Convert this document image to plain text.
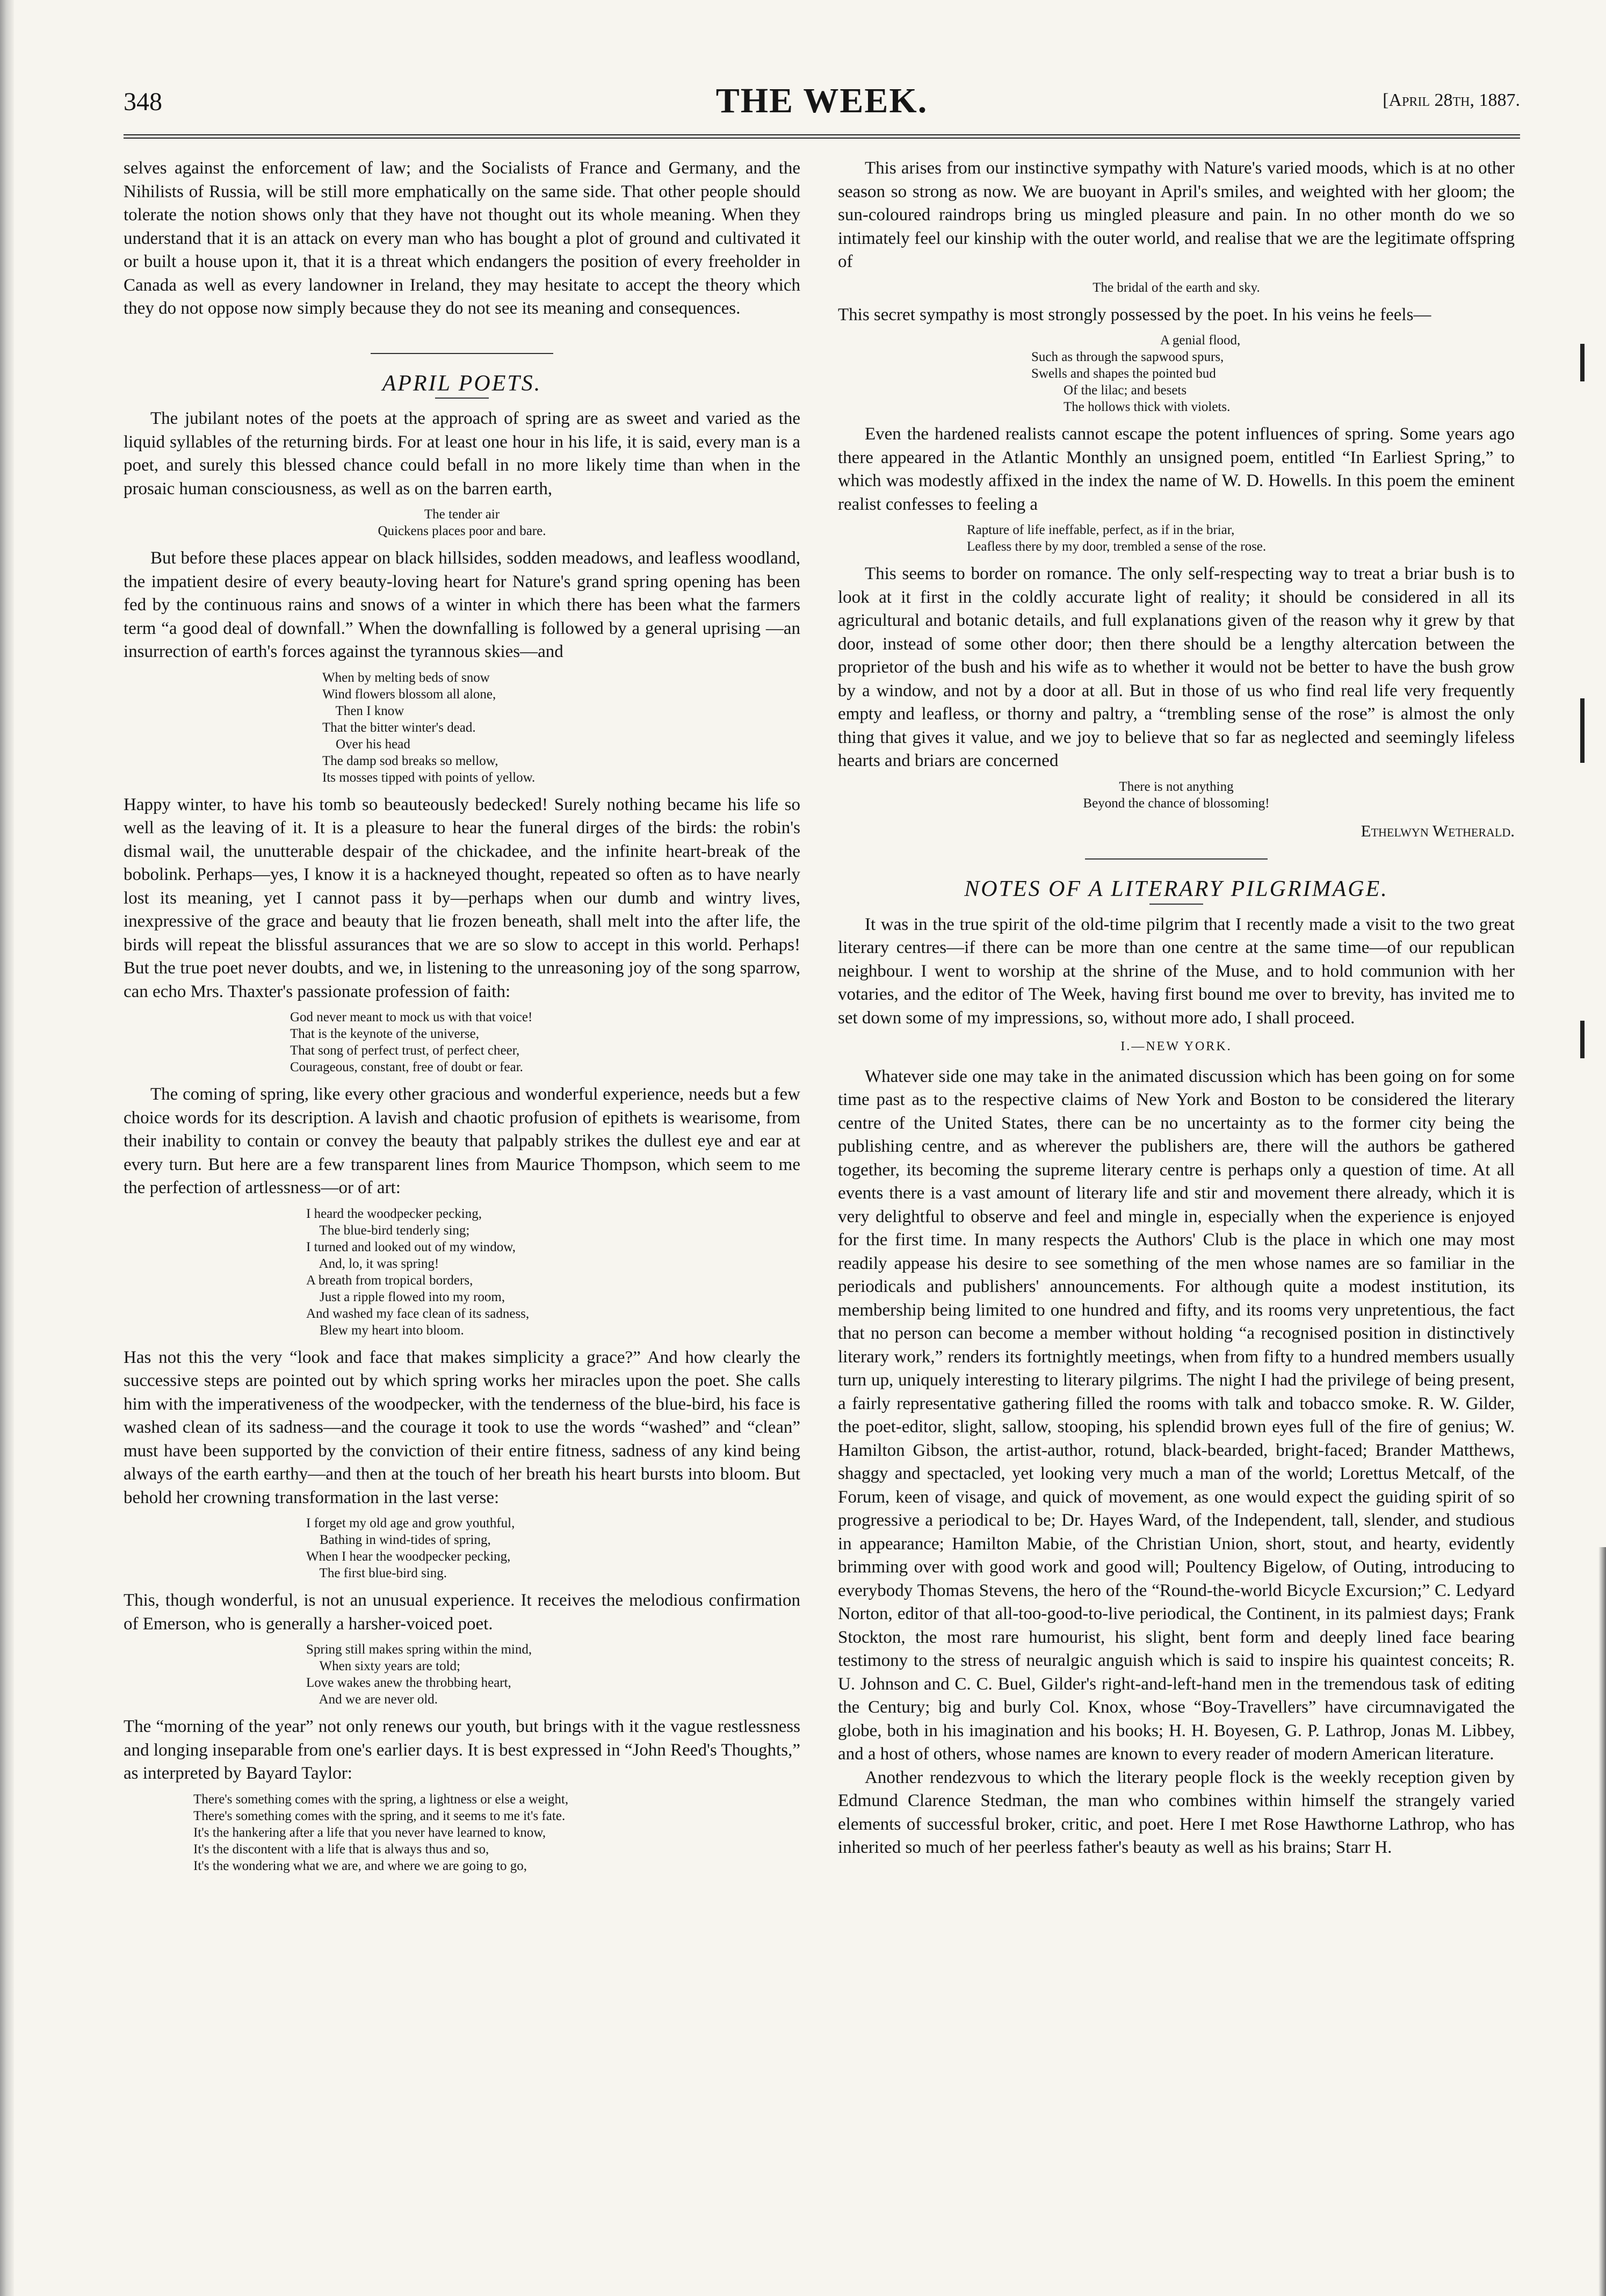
348	THE WEEK.	[April 28th, 1887.

selves against the enforcement of law; and the Socialists of France and Germany, and the Nihilists of Russia, will be still more emphatically on the same side. That other people should tolerate the notion shows only that they have not thought out its whole meaning. When they understand that it is an attack on every man who has bought a plot of ground and cultivated it or built a house upon it, that it is a threat which endangers the position of every freeholder in Canada as well as every landowner in Ireland, they may hesitate to accept the theory which they do not oppose now simply because they do not see its meaning and consequences.

APRIL POETS.

The jubilant notes of the poets at the approach of spring are as sweet and varied as the liquid syllables of the returning birds. For at least one hour in his life, it is said, every man is a poet, and surely this blessed chance could befall in no more likely time than when in the prosaic human consciousness, as well as on the barren earth,

The tender air
Quickens places poor and bare.

But before these places appear on black hillsides, sodden meadows, and leafless woodland, the impatient desire of every beauty-loving heart for Nature's grand spring opening has been fed by the continuous rains and snows of a winter in which there has been what the farmers term “a good deal of downfall.” When the downfalling is followed by a general uprising —an insurrection of earth's forces against the tyrannous skies—and

When by melting beds of snow
Wind flowers blossom all alone,
Then I know
That the bitter winter's dead.
Over his head
The damp sod breaks so mellow,
Its mosses tipped with points of yellow.

Happy winter, to have his tomb so beauteously bedecked! Surely nothing became his life so well as the leaving of it. It is a pleasure to hear the funeral dirges of the birds: the robin's dismal wail, the unutterable despair of the chickadee, and the infinite heart-break of the bobolink. Perhaps—yes, I know it is a hackneyed thought, repeated so often as to have nearly lost its meaning, yet I cannot pass it by—perhaps when our dumb and wintry lives, inexpressive of the grace and beauty that lie frozen beneath, shall melt into the after life, the birds will repeat the blissful assurances that we are so slow to accept in this world. Perhaps! But the true poet never doubts, and we, in listening to the unreasoning joy of the song sparrow, can echo Mrs. Thaxter's passionate profession of faith:

God never meant to mock us with that voice!
That is the keynote of the universe,
That song of perfect trust, of perfect cheer,
Courageous, constant, free of doubt or fear.

The coming of spring, like every other gracious and wonderful experience, needs but a few choice words for its description. A lavish and chaotic profusion of epithets is wearisome, from their inability to contain or convey the beauty that palpably strikes the dullest eye and ear at every turn. But here are a few transparent lines from Maurice Thompson, which seem to me the perfection of artlessness—or of art:

I heard the woodpecker pecking,
The blue-bird tenderly sing;
I turned and looked out of my window,
And, lo, it was spring!
A breath from tropical borders,
Just a ripple flowed into my room,
And washed my face clean of its sadness,
Blew my heart into bloom.

Has not this the very “look and face that makes simplicity a grace?” And how clearly the successive steps are pointed out by which spring works her miracles upon the poet. She calls him with the imperativeness of the woodpecker, with the tenderness of the blue-bird, his face is washed clean of its sadness—and the courage it took to use the words “washed” and “clean” must have been supported by the conviction of their entire fitness, sadness of any kind being always of the earth earthy—and then at the touch of her breath his heart bursts into bloom. But behold her crowning transformation in the last verse:

I forget my old age and grow youthful,
Bathing in wind-tides of spring,
When I hear the woodpecker pecking,
The first blue-bird sing.

This, though wonderful, is not an unusual experience. It receives the melodious confirmation of Emerson, who is generally a harsher-voiced poet.

Spring still makes spring within the mind,
When sixty years are told;
Love wakes anew the throbbing heart,
And we are never old.

The “morning of the year” not only renews our youth, but brings with it the vague restlessness and longing inseparable from one's earlier days. It is best expressed in “John Reed's Thoughts,” as interpreted by Bayard Taylor:

There's something comes with the spring, a lightness or else a weight,
There's something comes with the spring, and it seems to me it's fate.
It's the hankering after a life that you never have learned to know,
It's the discontent with a life that is always thus and so,
It's the wondering what we are, and where we are going to go,

This arises from our instinctive sympathy with Nature's varied moods, which is at no other season so strong as now. We are buoyant in April's smiles, and weighted with her gloom; the sun-coloured raindrops bring us mingled pleasure and pain. In no other month do we so intimately feel our kinship with the outer world, and realise that we are the legitimate offspring of

The bridal of the earth and sky.

This secret sympathy is most strongly possessed by the poet. In his veins he feels—

A genial flood,
Such as through the sapwood spurs,
Swells and shapes the pointed bud
Of the lilac; and besets
The hollows thick with violets.

Even the hardened realists cannot escape the potent influences of spring. Some years ago there appeared in the Atlantic Monthly an unsigned poem, entitled “In Earliest Spring,” to which was modestly affixed in the index the name of W. D. Howells. In this poem the eminent realist confesses to feeling a

Rapture of life ineffable, perfect, as if in the briar,
Leafless there by my door, trembled a sense of the rose.

This seems to border on romance. The only self-respecting way to treat a briar bush is to look at it first in the coldly accurate light of reality; it should be considered in all its agricultural and botanic details, and full explanations given of the reason why it grew by that door, instead of some other door; then there should be a lengthy altercation between the proprietor of the bush and his wife as to whether it would not be better to have the bush grow by a window, and not by a door at all. But in those of us who find real life very frequently empty and leafless, or thorny and paltry, a “trembling sense of the rose” is almost the only thing that gives it value, and we joy to believe that so far as neglected and seemingly lifeless hearts and briars are concerned

There is not anything
Beyond the chance of blossoming!
Ethelwyn Wetherald.
NOTES OF A LITERARY PILGRIMAGE.

It was in the true spirit of the old-time pilgrim that I recently made a visit to the two great literary centres—if there can be more than one centre at the same time—of our republican neighbour. I went to worship at the shrine of the Muse, and to hold communion with her votaries, and the editor of The Week, having first bound me over to brevity, has invited me to set down some of my impressions, so, without more ado, I shall proceed.

I.—NEW YORK.

Whatever side one may take in the animated discussion which has been going on for some time past as to the respective claims of New York and Boston to be considered the literary centre of the United States, there can be no uncertainty as to the former city being the publishing centre, and as wherever the publishers are, there will the authors be gathered together, its becoming the supreme literary centre is perhaps only a question of time. At all events there is a vast amount of literary life and stir and movement there already, which it is very delightful to observe and feel and mingle in, especially when the experience is enjoyed for the first time. In many respects the Authors' Club is the place in which one may most readily appease his desire to see something of the men whose names are so familiar in the periodicals and publishers' announcements. For although quite a modest institution, its membership being limited to one hundred and fifty, and its rooms very unpretentious, the fact that no person can become a member without holding “a recognised position in distinctively literary work,” renders its fortnightly meetings, when from fifty to a hundred members usually turn up, uniquely interesting to literary pilgrims. The night I had the privilege of being present, a fairly representative gathering filled the rooms with talk and tobacco smoke. R. W. Gilder, the poet-editor, slight, sallow, stooping, his splendid brown eyes full of the fire of genius; W. Hamilton Gibson, the artist-author, rotund, black-bearded, bright-faced; Brander Matthews, shaggy and spectacled, yet looking very much a man of the world; Lorettus Metcalf, of the Forum, keen of visage, and quick of movement, as one would expect the guiding spirit of so progressive a periodical to be; Dr. Hayes Ward, of the Independent, tall, slender, and studious in appearance; Hamilton Mabie, of the Christian Union, short, stout, and hearty, evidently brimming over with good work and good will; Poultency Bigelow, of Outing, introducing to everybody Thomas Stevens, the hero of the “Round-the-world Bicycle Excursion;” C. Ledyard Norton, editor of that all-too-good-to-live periodical, the Continent, in its palmiest days; Frank Stockton, the most rare humourist, his slight, bent form and deeply lined face bearing testimony to the stress of neuralgic anguish which is said to inspire his quaintest conceits; R. U. Johnson and C. C. Buel, Gilder's right-and-left-hand men in the tremendous task of editing the Century; big and burly Col. Knox, whose “Boy-Travellers” have circumnavigated the globe, both in his imagination and his books; H. H. Boyesen, G. P. Lathrop, Jonas M. Libbey, and a host of others, whose names are known to every reader of modern American literature.

Another rendezvous to which the literary people flock is the weekly reception given by Edmund Clarence Stedman, the man who combines within himself the strangely varied elements of successful broker, critic, and poet. Here I met Rose Hawthorne Lathrop, who has inherited so much of her peerless father's beauty as well as his brains; Starr H.
